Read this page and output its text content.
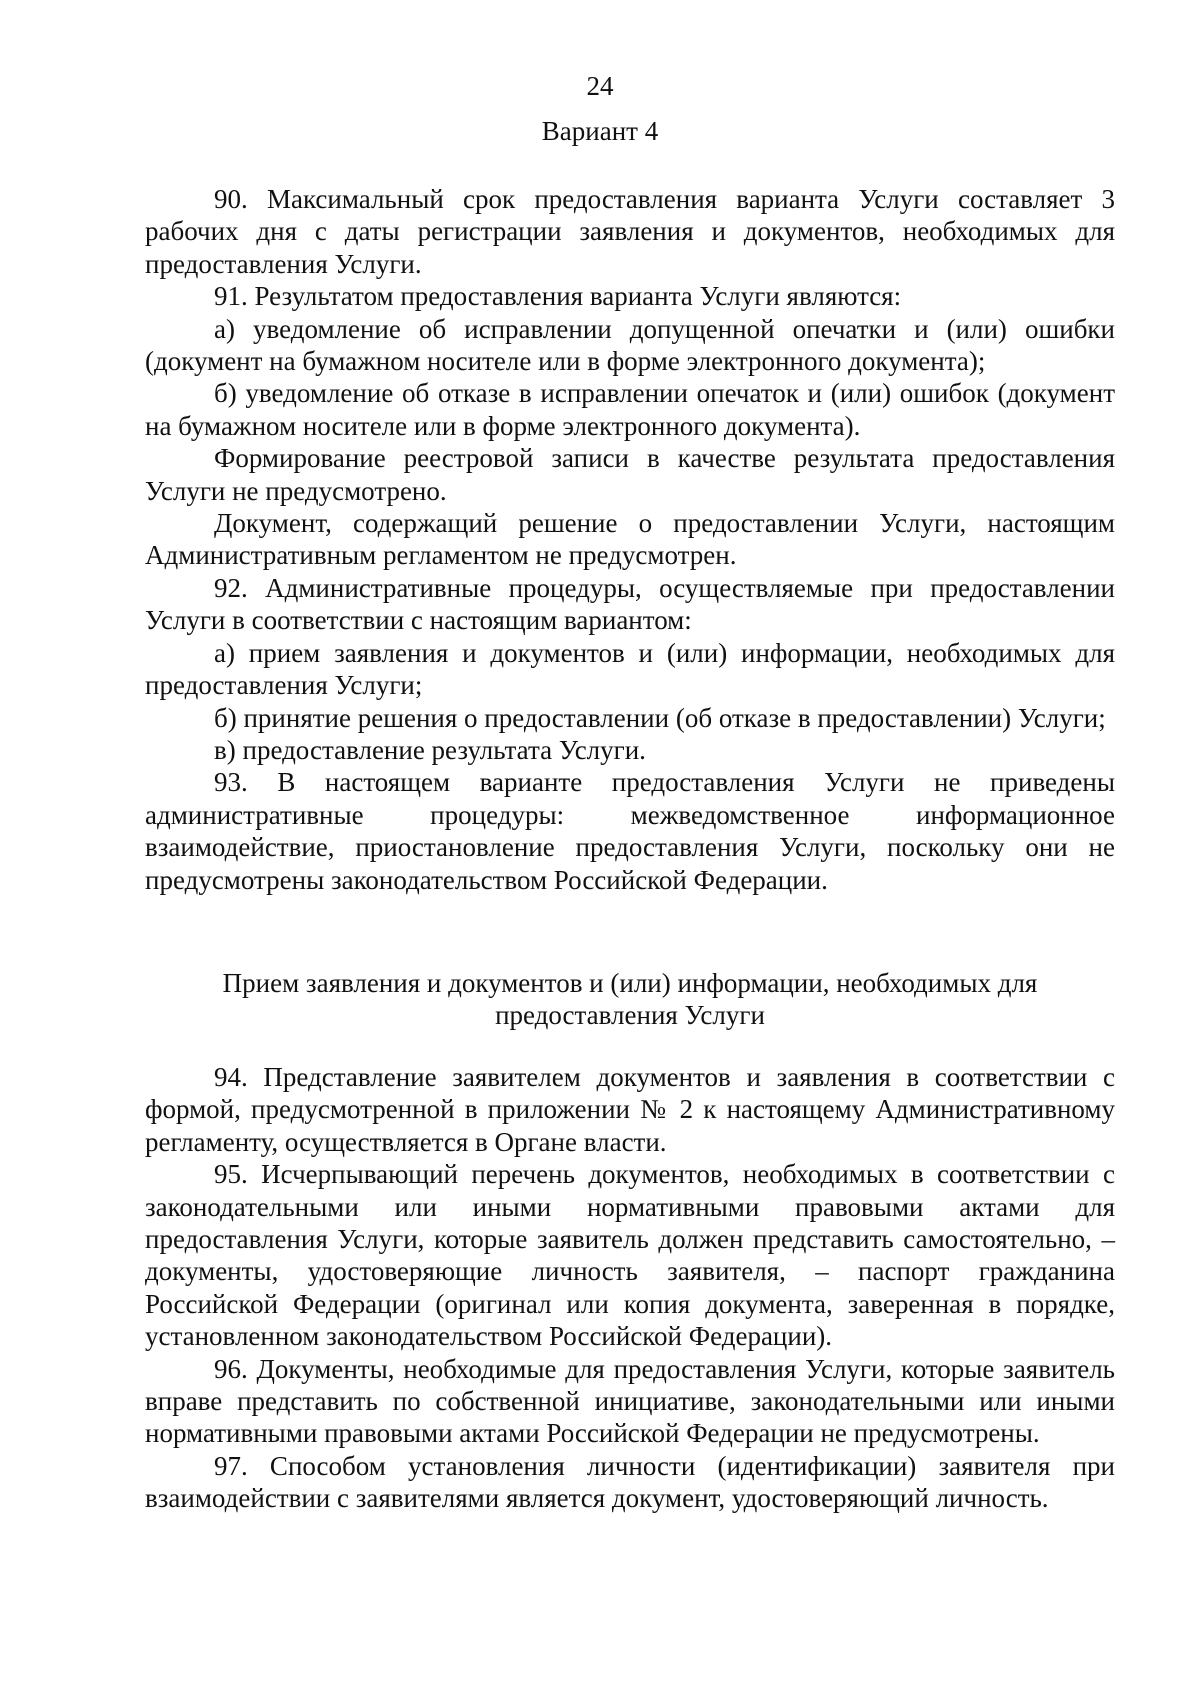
24
Вариант 4

90. Максимальный срок предоставления варианта Услуги составляет 3 рабочих дня с даты регистрации заявления и документов, необходимых для предоставления Услуги.

91. Результатом предоставления варианта Услуги являются:

а) уведомление об исправлении допущенной опечатки и (или) ошибки (документ на бумажном носителе или в форме электронного документа);

б) уведомление об отказе в исправлении опечаток и (или) ошибок (документ на бумажном носителе или в форме электронного документа).

Формирование реестровой записи в качестве результата предоставления Услуги не предусмотрено.

Документ, содержащий решение о предоставлении Услуги, настоящим Административным регламентом не предусмотрен.

92. Административные процедуры, осуществляемые при предоставлении Услуги в соответствии с настоящим вариантом:

а) прием заявления и документов и (или) информации, необходимых для предоставления Услуги;

б) принятие решения о предоставлении (об отказе в предоставлении) Услуги;

в) предоставление результата Услуги.

93. В настоящем варианте предоставления Услуги не приведены административные процедуры: межведомственное информационное взаимодействие, приостановление предоставления Услуги, поскольку они не предусмотрены законодательством Российской Федерации.

Прием заявления и документов и (или) информации, необходимых для
предоставления Услуги

94. Представление заявителем документов и заявления в соответствии с формой, предусмотренной в приложении № 2 к настоящему Административному регламенту, осуществляется в Органе власти.

95. Исчерпывающий перечень документов, необходимых в соответствии с законодательными или иными нормативными правовыми актами для предоставления Услуги, которые заявитель должен представить самостоятельно, – документы, удостоверяющие личность заявителя, – паспорт гражданина Российской Федерации (оригинал или копия документа, заверенная в порядке, установленном законодательством Российской Федерации).

96. Документы, необходимые для предоставления Услуги, которые заявитель вправе представить по собственной инициативе, законодательными или иными нормативными правовыми актами Российской Федерации не предусмотрены.

97. Способом установления личности (идентификации) заявителя при взаимодействии с заявителями является документ, удостоверяющий личность.
